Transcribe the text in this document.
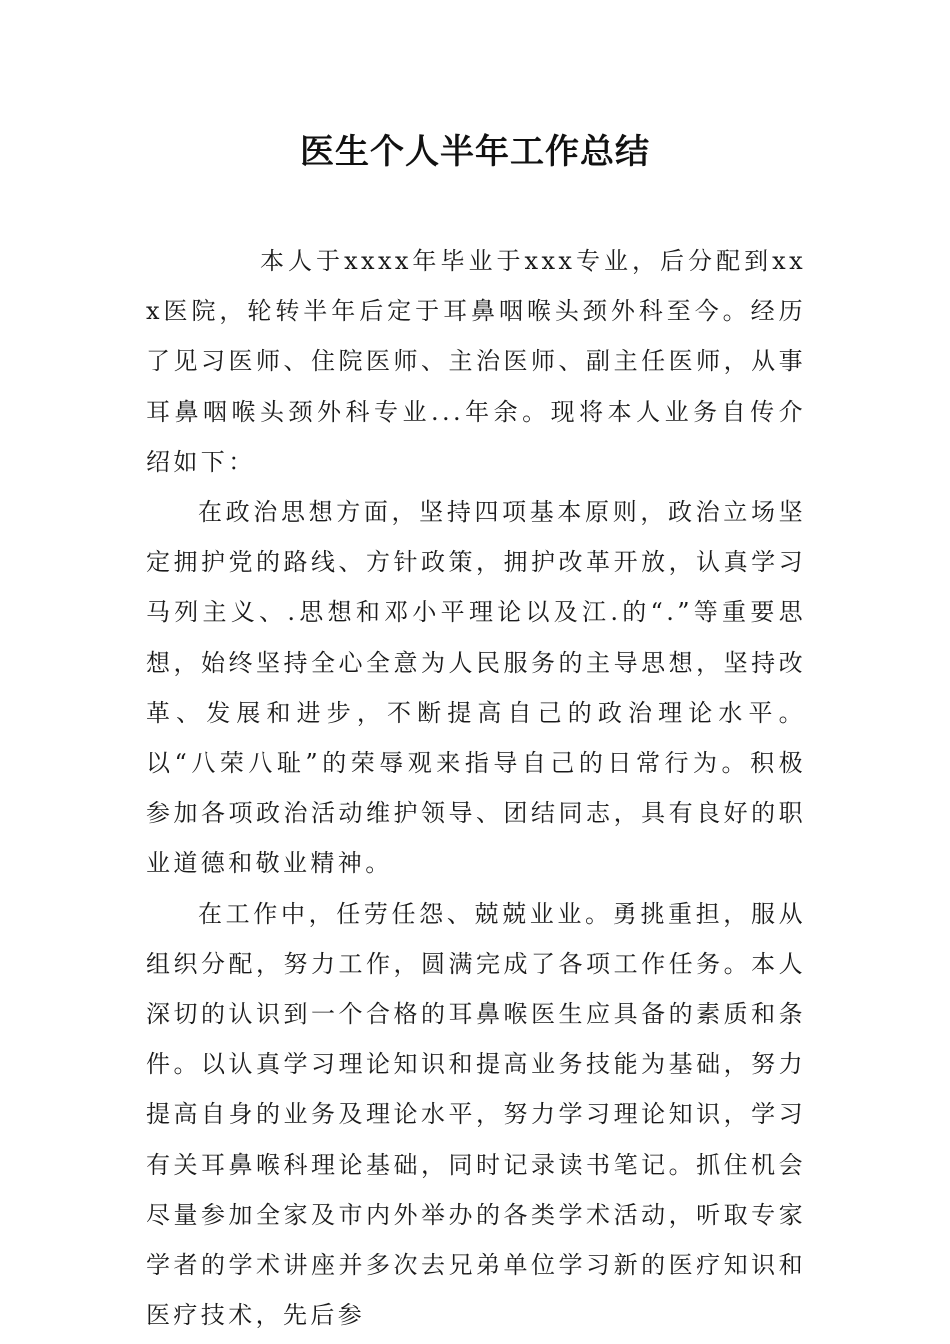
医生个人半年工作总结

本人于xxxx年毕业于xxx专业，后分配到xxx医院，轮转半年后定于耳鼻咽喉头颈外科至今。经历了见习医师、住院医师、主治医师、副主任医师，从事耳鼻咽喉头颈外科专业...年余。现将本人业务自传介绍如下：

在政治思想方面，坚持四项基本原则，政治立场坚定拥护党的路线、方针政策，拥护改革开放，认真学习马列主义、.思想和邓小平理论以及江.的“.”等重要思想，始终坚持全心全意为人民服务的主导思想，坚持改革、发展和进步，不断提高自己的政治理论水平。以“八荣八耻”的荣辱观来指导自己的日常行为。积极参加各项政治活动维护领导、团结同志，具有良好的职业道德和敬业精神。

在工作中，任劳任怨、兢兢业业。勇挑重担，服从组织分配，努力工作，圆满完成了各项工作任务。本人深切的认识到一个合格的耳鼻喉医生应具备的素质和条件。以认真学习理论知识和提高业务技能为基础，努力提高自身的业务及理论水平，努力学习理论知识，学习有关耳鼻喉科理论基础，同时记录读书笔记。抓住机会尽量参加全家及市内外举办的各类学术活动，听取专家学者的学术讲座并多次去兄弟单位学习新的医疗知识和医疗技术，先后参
